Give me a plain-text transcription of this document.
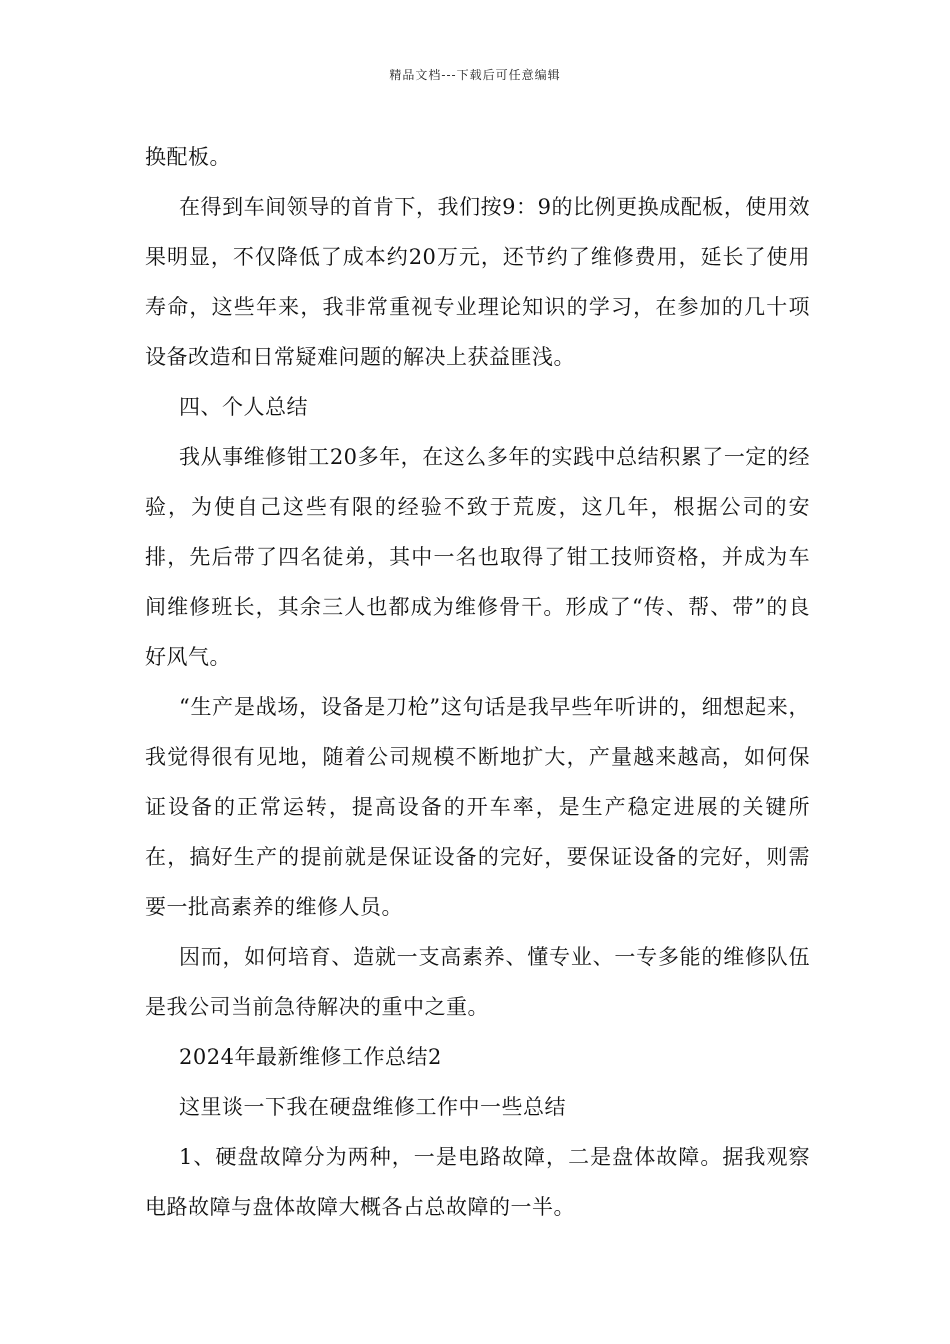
精品文档---下载后可任意编辑

换配板。

在得到车间领导的首肯下，我们按9：9的比例更换成配板，使用效果明显，不仅降低了成本约20万元，还节约了维修费用，延长了使用寿命，这些年来，我非常重视专业理论知识的学习，在参加的几十项设备改造和日常疑难问题的解决上获益匪浅。

四、个人总结

我从事维修钳工20多年，在这么多年的实践中总结积累了一定的经验，为使自己这些有限的经验不致于荒废，这几年，根据公司的安排，先后带了四名徒弟，其中一名也取得了钳工技师资格，并成为车间维修班长，其余三人也都成为维修骨干。形成了“传、帮、带”的良好风气。

“生产是战场，设备是刀枪”这句话是我早些年听讲的，细想起来，我觉得很有见地，随着公司规模不断地扩大，产量越来越高，如何保证设备的正常运转，提高设备的开车率，是生产稳定进展的关键所在，搞好生产的提前就是保证设备的完好，要保证设备的完好，则需要一批高素养的维修人员。

因而，如何培育、造就一支高素养、懂专业、一专多能的维修队伍是我公司当前急待解决的重中之重。

2024年最新维修工作总结2

这里谈一下我在硬盘维修工作中一些总结

1、硬盘故障分为两种，一是电路故障，二是盘体故障。据我观察电路故障与盘体故障大概各占总故障的一半。
